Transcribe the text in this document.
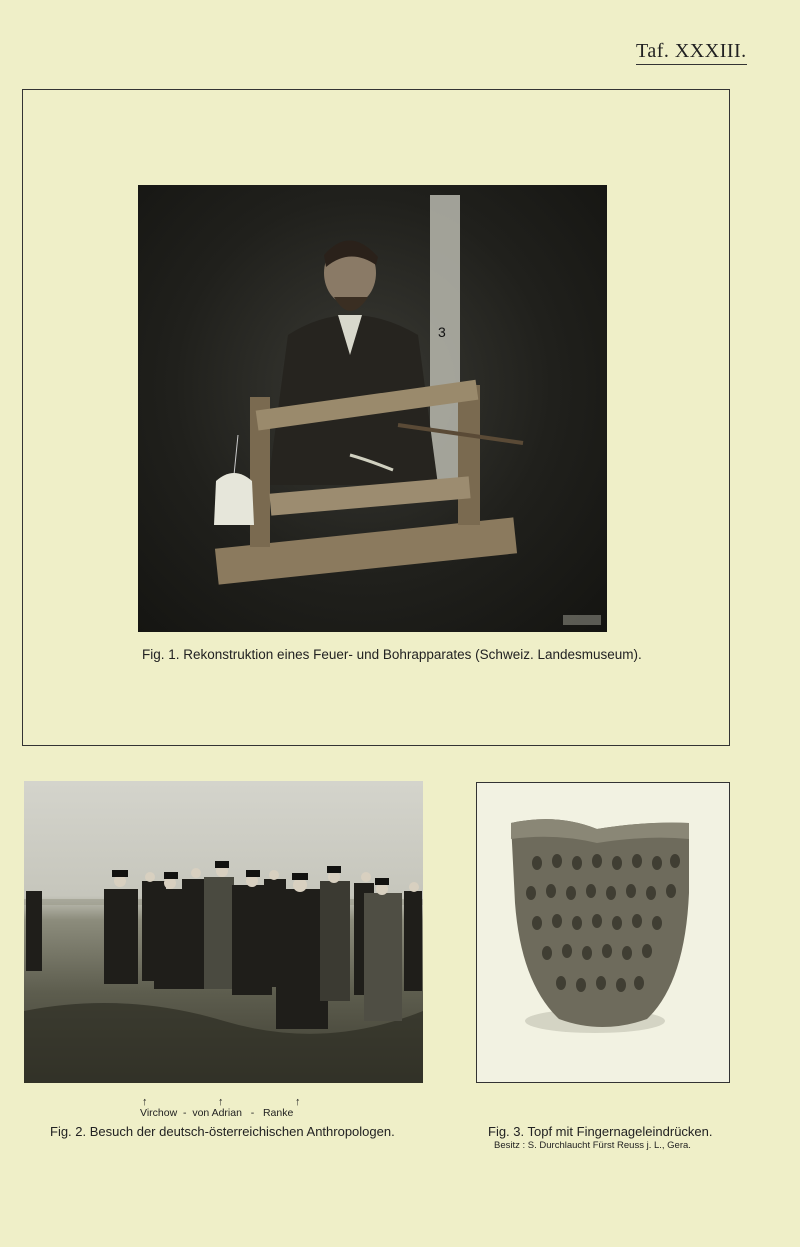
Taf. XXXIII.
3
Fig. 1. Rekonstruktion eines Feuer- und Bohrapparates (Schweiz. Landesmuseum).
↑	↑	↑
Virchow  -  von Adrian   -   Ranke
Fig. 2. Besuch der deutsch-österreichischen Anthropologen.	Fig. 3. Topf mit Fingernageleindrücken.
Besitz : S. Durchlaucht Fürst Reuss j. L., Gera.
